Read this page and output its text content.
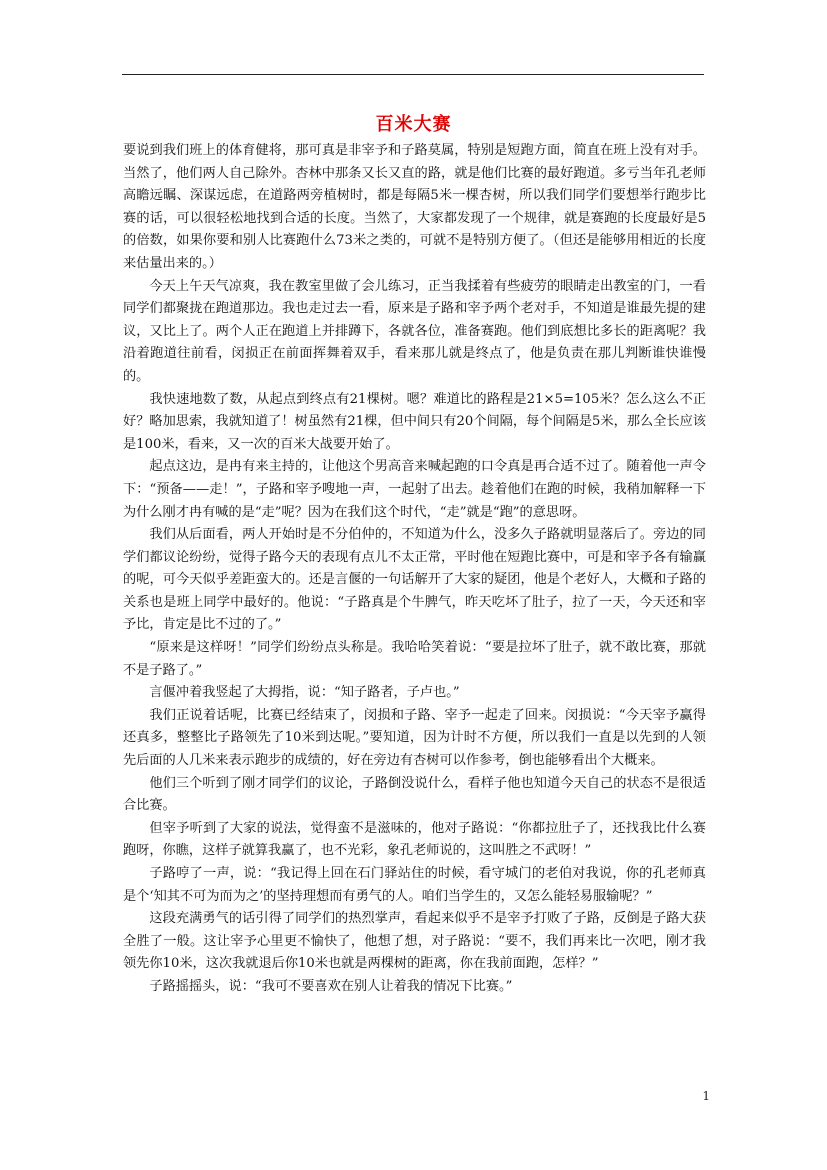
百米大赛

要说到我们班上的体育健将，那可真是非宰予和子路莫属，特别是短跑方面，简直在班上没有对手。当然了，他们两人自己除外。杏林中那条又长又直的路，就是他们比赛的最好跑道。多亏当年孔老师高瞻远瞩、深谋远虑，在道路两旁植树时，都是每隔5米一棵杏树，所以我们同学们要想举行跑步比赛的话，可以很轻松地找到合适的长度。当然了，大家都发现了一个规律，就是赛跑的长度最好是5的倍数，如果你要和别人比赛跑什么73米之类的，可就不是特别方便了。（但还是能够用相近的长度来估量出来的。）

今天上午天气凉爽，我在教室里做了会儿练习，正当我揉着有些疲劳的眼睛走出教室的门，一看同学们都聚拢在跑道那边。我也走过去一看，原来是子路和宰予两个老对手，不知道是谁最先提的建议，又比上了。两个人正在跑道上并排蹲下，各就各位，准备赛跑。他们到底想比多长的距离呢？我沿着跑道往前看，闵损正在前面挥舞着双手，看来那儿就是终点了，他是负责在那儿判断谁快谁慢的。

我快速地数了数，从起点到终点有21棵树。嗯？难道比的路程是21×5=105米？怎么这么不正好？略加思索，我就知道了！树虽然有21棵，但中间只有20个间隔，每个间隔是5米，那么全长应该是100米，看来，又一次的百米大战要开始了。

起点这边，是冉有来主持的，让他这个男高音来喊起跑的口令真是再合适不过了。随着他一声令下：“预备——走！”，子路和宰予嗖地一声，一起射了出去。趁着他们在跑的时候，我稍加解释一下为什么刚才冉有喊的是“走”呢？因为在我们这个时代，“走”就是“跑”的意思呀。

我们从后面看，两人开始时是不分伯仲的，不知道为什么，没多久子路就明显落后了。旁边的同学们都议论纷纷，觉得子路今天的表现有点儿不太正常，平时他在短跑比赛中，可是和宰予各有输赢的呢，可今天似乎差距蛮大的。还是言偃的一句话解开了大家的疑团，他是个老好人，大概和子路的关系也是班上同学中最好的。他说：“子路真是个牛脾气，昨天吃坏了肚子，拉了一天，今天还和宰予比，肯定是比不过的了。”

“原来是这样呀！”同学们纷纷点头称是。我哈哈笑着说：“要是拉坏了肚子，就不敢比赛，那就不是子路了。”

言偃冲着我竖起了大拇指，说：“知子路者，子卢也。”

我们正说着话呢，比赛已经结束了，闵损和子路、宰予一起走了回来。闵损说：“今天宰予赢得还真多，整整比子路领先了10米到达呢。”要知道，因为计时不方便，所以我们一直是以先到的人领先后面的人几米来表示跑步的成绩的，好在旁边有杏树可以作参考，倒也能够看出个大概来。

他们三个听到了刚才同学们的议论，子路倒没说什么，看样子他也知道今天自己的状态不是很适合比赛。

但宰予听到了大家的说法，觉得蛮不是滋味的，他对子路说：“你都拉肚子了，还找我比什么赛跑呀，你瞧，这样子就算我赢了，也不光彩，象孔老师说的，这叫胜之不武呀！”

子路哼了一声，说：“我记得上回在石门驿站住的时候，看守城门的老伯对我说，你的孔老师真是个‘知其不可为而为之’的坚持理想而有勇气的人。咱们当学生的，又怎么能轻易服输呢？”

这段充满勇气的话引得了同学们的热烈掌声，看起来似乎不是宰予打败了子路，反倒是子路大获全胜了一般。这让宰予心里更不愉快了，他想了想，对子路说：“要不，我们再来比一次吧，刚才我领先你10米，这次我就退后你10米也就是两棵树的距离，你在我前面跑，怎样？”

子路摇摇头，说：“我可不要喜欢在别人让着我的情况下比赛。”

1
